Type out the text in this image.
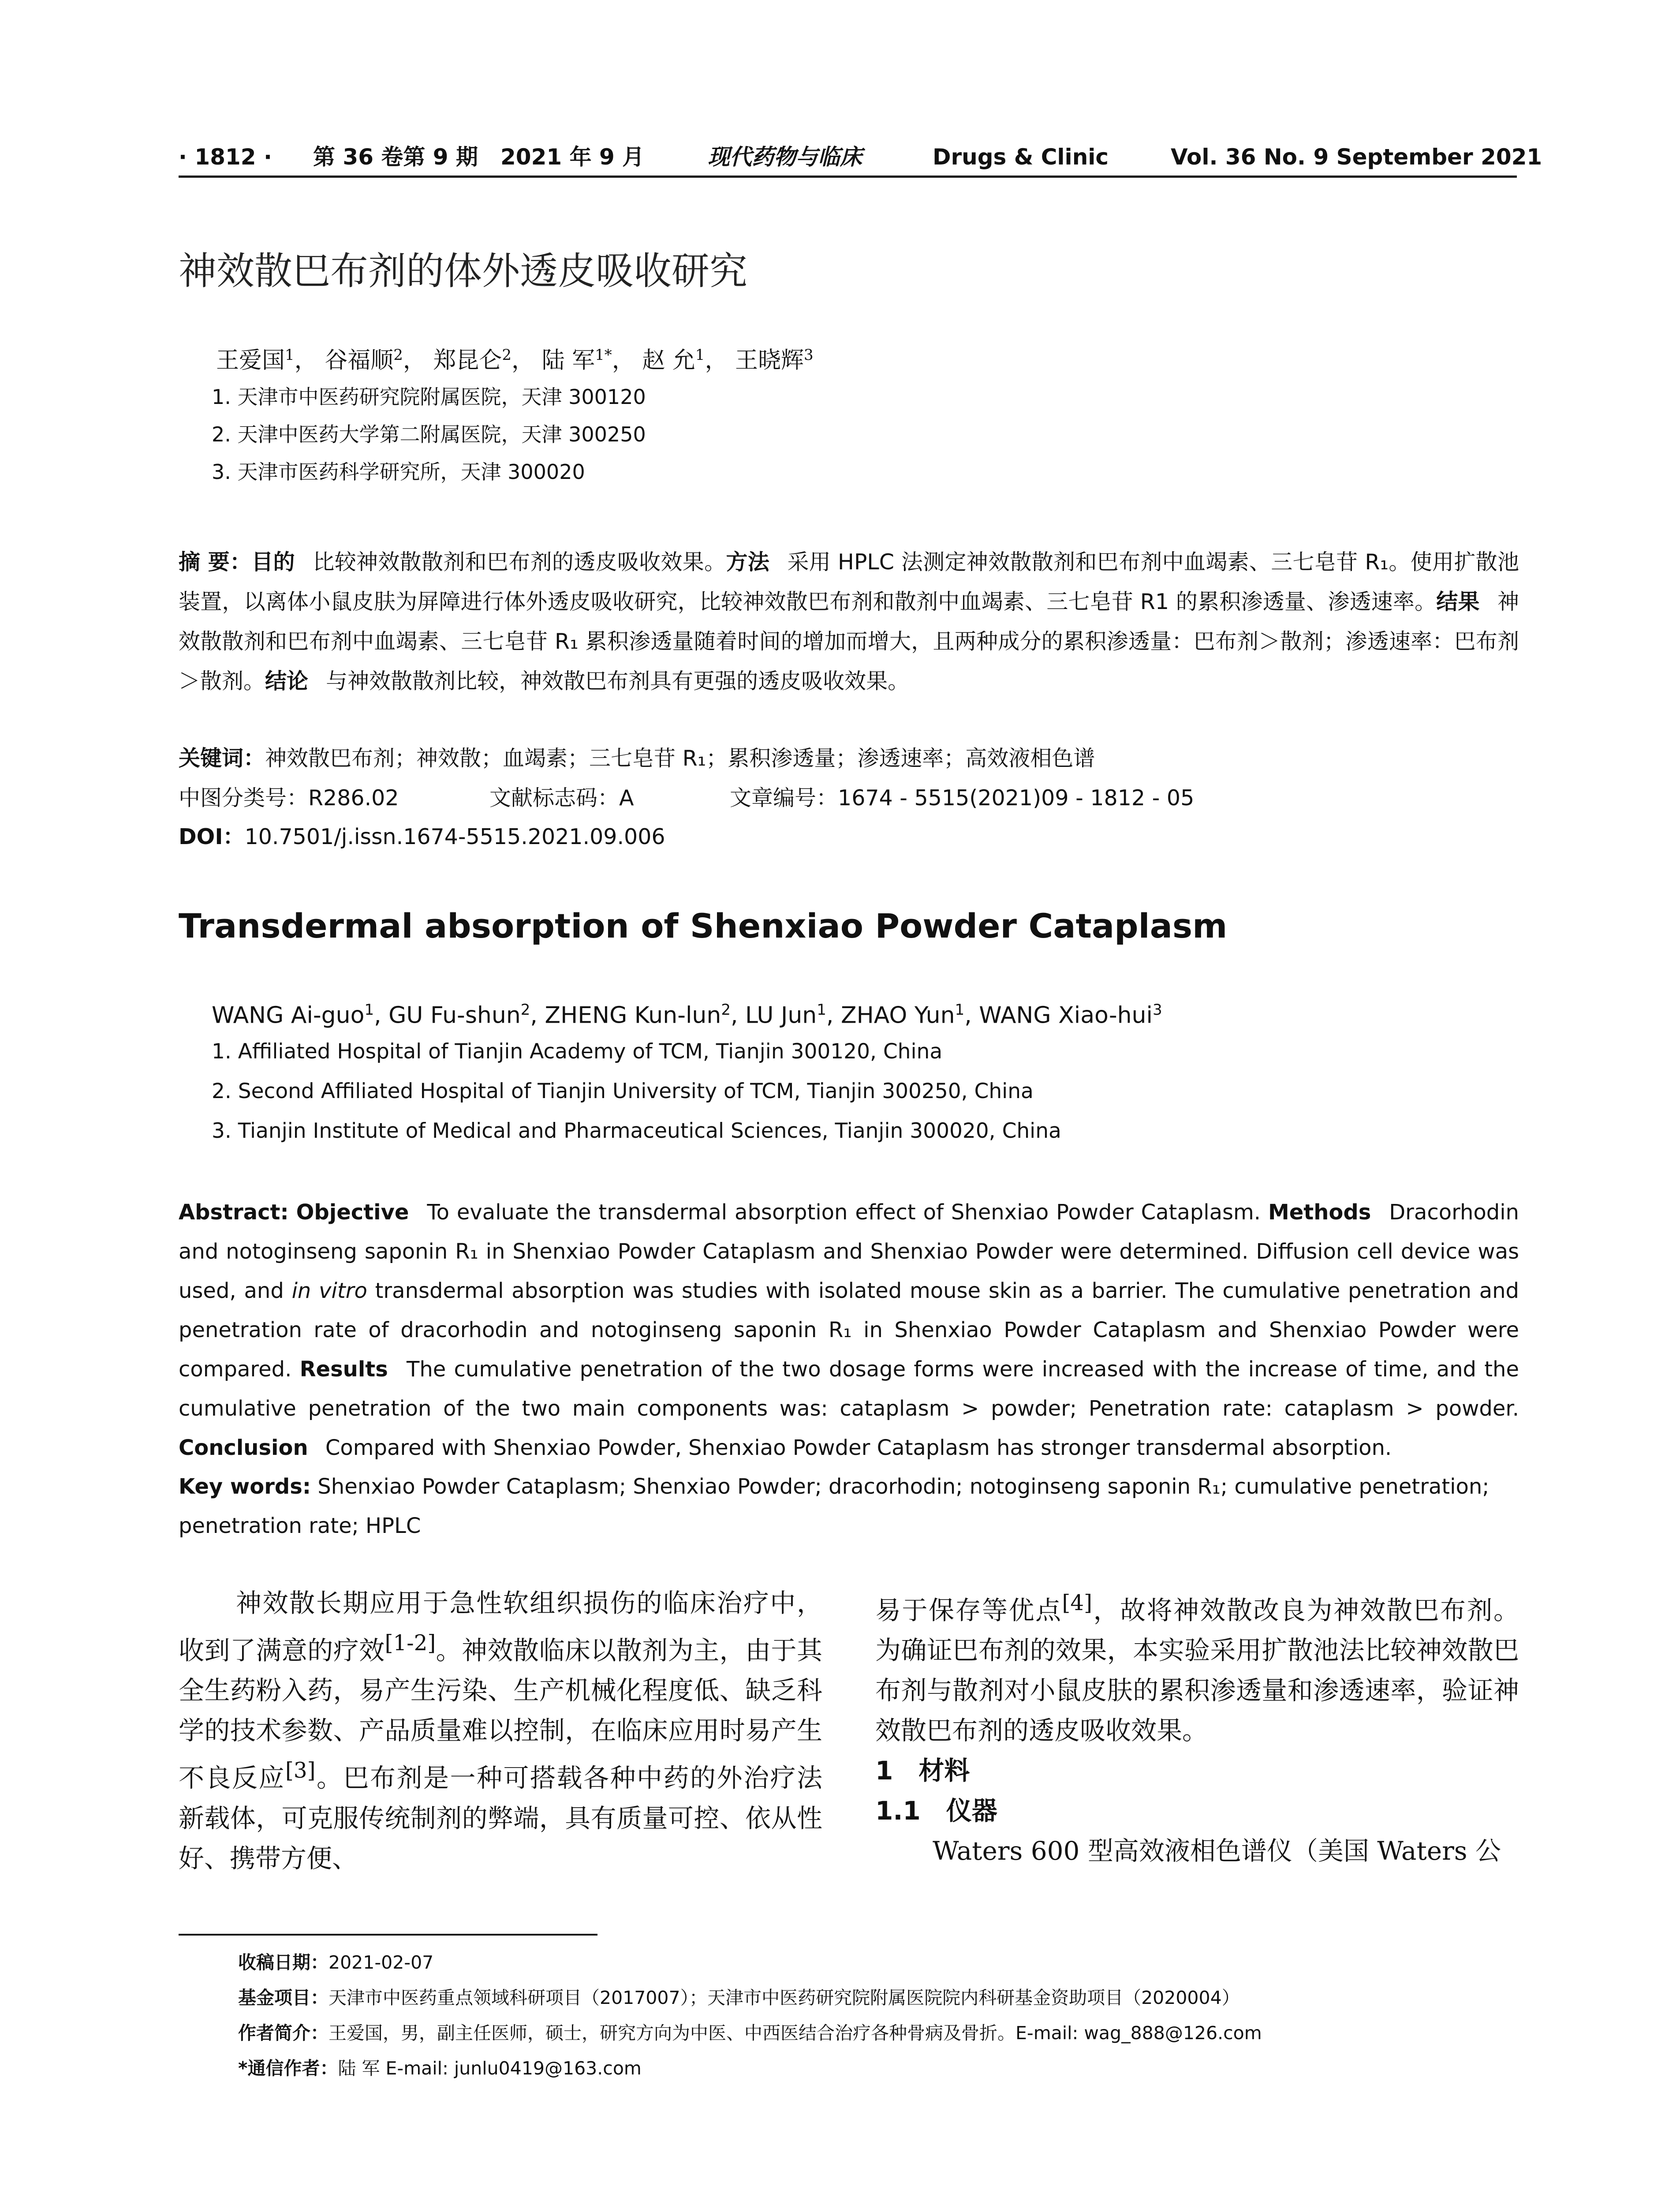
· 1812 · 第 36 卷第 9 期 2021 年 9 月	现代药物与临床	Drugs & Clinic	Vol. 36 No. 9 September 2021
神效散巴布剂的体外透皮吸收研究
王爱国$^1$， 谷福顺$^2$， 郑昆仑$^2$， 陆 军$^{1*}$， 赵 允$^1$， 王晓辉$^3$
1. 天津市中医药研究院附属医院，天津 300120
2. 天津中医药大学第二附属医院，天津 300250
3. 天津市医药科学研究所，天津 300020
摘 要：目的  比较神效散散剂和巴布剂的透皮吸收效果。方法  采用 HPLC 法测定神效散散剂和巴布剂中血竭素、三七皂苷 R₁。使用扩散池装置，以离体小鼠皮肤为屏障进行体外透皮吸收研究，比较神效散巴布剂和散剂中血竭素、三七皂苷 R1 的累积渗透量、渗透速率。结果  神效散散剂和巴布剂中血竭素、三七皂苷 R₁ 累积渗透量随着时间的增加而增大，且两种成分的累积渗透量：巴布剂＞散剂；渗透速率：巴布剂＞散剂。结论  与神效散散剂比较，神效散巴布剂具有更强的透皮吸收效果。
关键词：神效散巴布剂；神效散；血竭素；三七皂苷 R₁；累积渗透量；渗透速率；高效液相色谱
中图分类号：R286.02	文献标志码：A	文章编号：1674 - 5515(2021)09 - 1812 - 05
DOI：10.7501/j.issn.1674-5515.2021.09.006
Transdermal absorption of Shenxiao Powder Cataplasm
WANG Ai-guo$^1$, GU Fu-shun$^2$, ZHENG Kun-lun$^2$, LU Jun$^1$, ZHAO Yun$^1$, WANG Xiao-hui$^3$
1. Affiliated Hospital of Tianjin Academy of TCM, Tianjin 300120, China
2. Second Affiliated Hospital of Tianjin University of TCM, Tianjin 300250, China
3. Tianjin Institute of Medical and Pharmaceutical Sciences, Tianjin 300020, China
Abstract: Objective  To evaluate the transdermal absorption effect of Shenxiao Powder Cataplasm. Methods  Dracorhodin and notoginseng saponin R₁ in Shenxiao Powder Cataplasm and Shenxiao Powder were determined. Diffusion cell device was used, and in vitro transdermal absorption was studies with isolated mouse skin as a barrier. The cumulative penetration and penetration rate of dracorhodin and notoginseng saponin R₁ in Shenxiao Powder Cataplasm and Shenxiao Powder were compared. Results  The cumulative penetration of the two dosage forms were increased with the increase of time, and the cumulative penetration of the two main components was: cataplasm > powder; Penetration rate: cataplasm > powder. Conclusion  Compared with Shenxiao Powder, Shenxiao Powder Cataplasm has stronger transdermal absorption.
Key words: Shenxiao Powder Cataplasm; Shenxiao Powder; dracorhodin; notoginseng saponin R₁; cumulative penetration; penetration rate; HPLC

神效散长期应用于急性软组织损伤的临床治疗中，收到了满意的疗效[1-2]。神效散临床以散剂为主，由于其全生药粉入药，易产生污染、生产机械化程度低、缺乏科学的技术参数、产品质量难以控制，在临床应用时易产生不良反应[3]。巴布剂是一种可搭载各种中药的外治疗法新载体，可克服传统制剂的弊端，具有质量可控、依从性好、携带方便、

易于保存等优点[4]，故将神效散改良为神效散巴布剂。为确证巴布剂的效果，本实验采用扩散池法比较神效散巴布剂与散剂对小鼠皮肤的累积渗透量和渗透速率，验证神效散巴布剂的透皮吸收效果。

1　材料

1.1　仪器

Waters 600 型高效液相色谱仪（美国 Waters 公

收稿日期：2021-02-07
基金项目：天津市中医药重点领域科研项目（2017007）；天津市中医药研究院附属医院院内科研基金资助项目（2020004）
作者简介：王爱国，男，副主任医师，硕士，研究方向为中医、中西医结合治疗各种骨病及骨折。E-mail: wag_888@126.com
*通信作者：陆 军 E-mail: junlu0419@163.com
